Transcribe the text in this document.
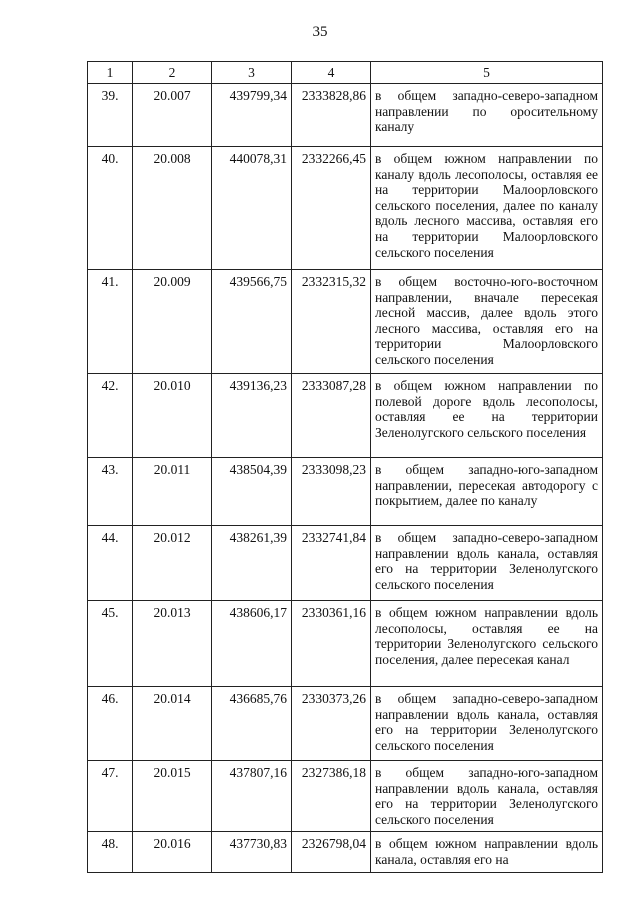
35
1	2	3	4	5
39.	20.007	439799,34	2333828,86	в общем западно-северо-западном направлении по оросительному каналу
40.	20.008	440078,31	2332266,45	в общем южном направлении по каналу вдоль лесополосы, оставляя ее на территории Малоорловского сельского поселения, далее по каналу вдоль лесного массива, оставляя его на территории Малоорловского сельского поселения
41.	20.009	439566,75	2332315,32	в общем восточно-юго-восточном направлении, вначале пересекая лесной массив, далее вдоль этого лесного массива, оставляя его на территории Малоорловского сельского поселения
42.	20.010	439136,23	2333087,28	в общем южном направлении по полевой дороге вдоль лесополосы, оставляя ее на территории Зеленолугского сельского поселения
43.	20.011	438504,39	2333098,23	в общем западно-юго-западном направлении, пересекая автодорогу с покрытием, далее по каналу
44.	20.012	438261,39	2332741,84	в общем западно-северо-западном направлении вдоль канала, оставляя его на территории Зеленолугского сельского поселения
45.	20.013	438606,17	2330361,16	в общем южном направлении вдоль лесополосы, оставляя ее на территории Зеленолугского сельского поселения, далее пересекая канал
46.	20.014	436685,76	2330373,26	в общем западно-северо-западном направлении вдоль канала, оставляя его на территории Зеленолугского сельского поселения
47.	20.015	437807,16	2327386,18	в общем западно-юго-западном направлении вдоль канала, оставляя его на территории Зеленолугского сельского поселения
48.	20.016	437730,83	2326798,04	в общем южном направлении вдоль канала, оставляя его на
